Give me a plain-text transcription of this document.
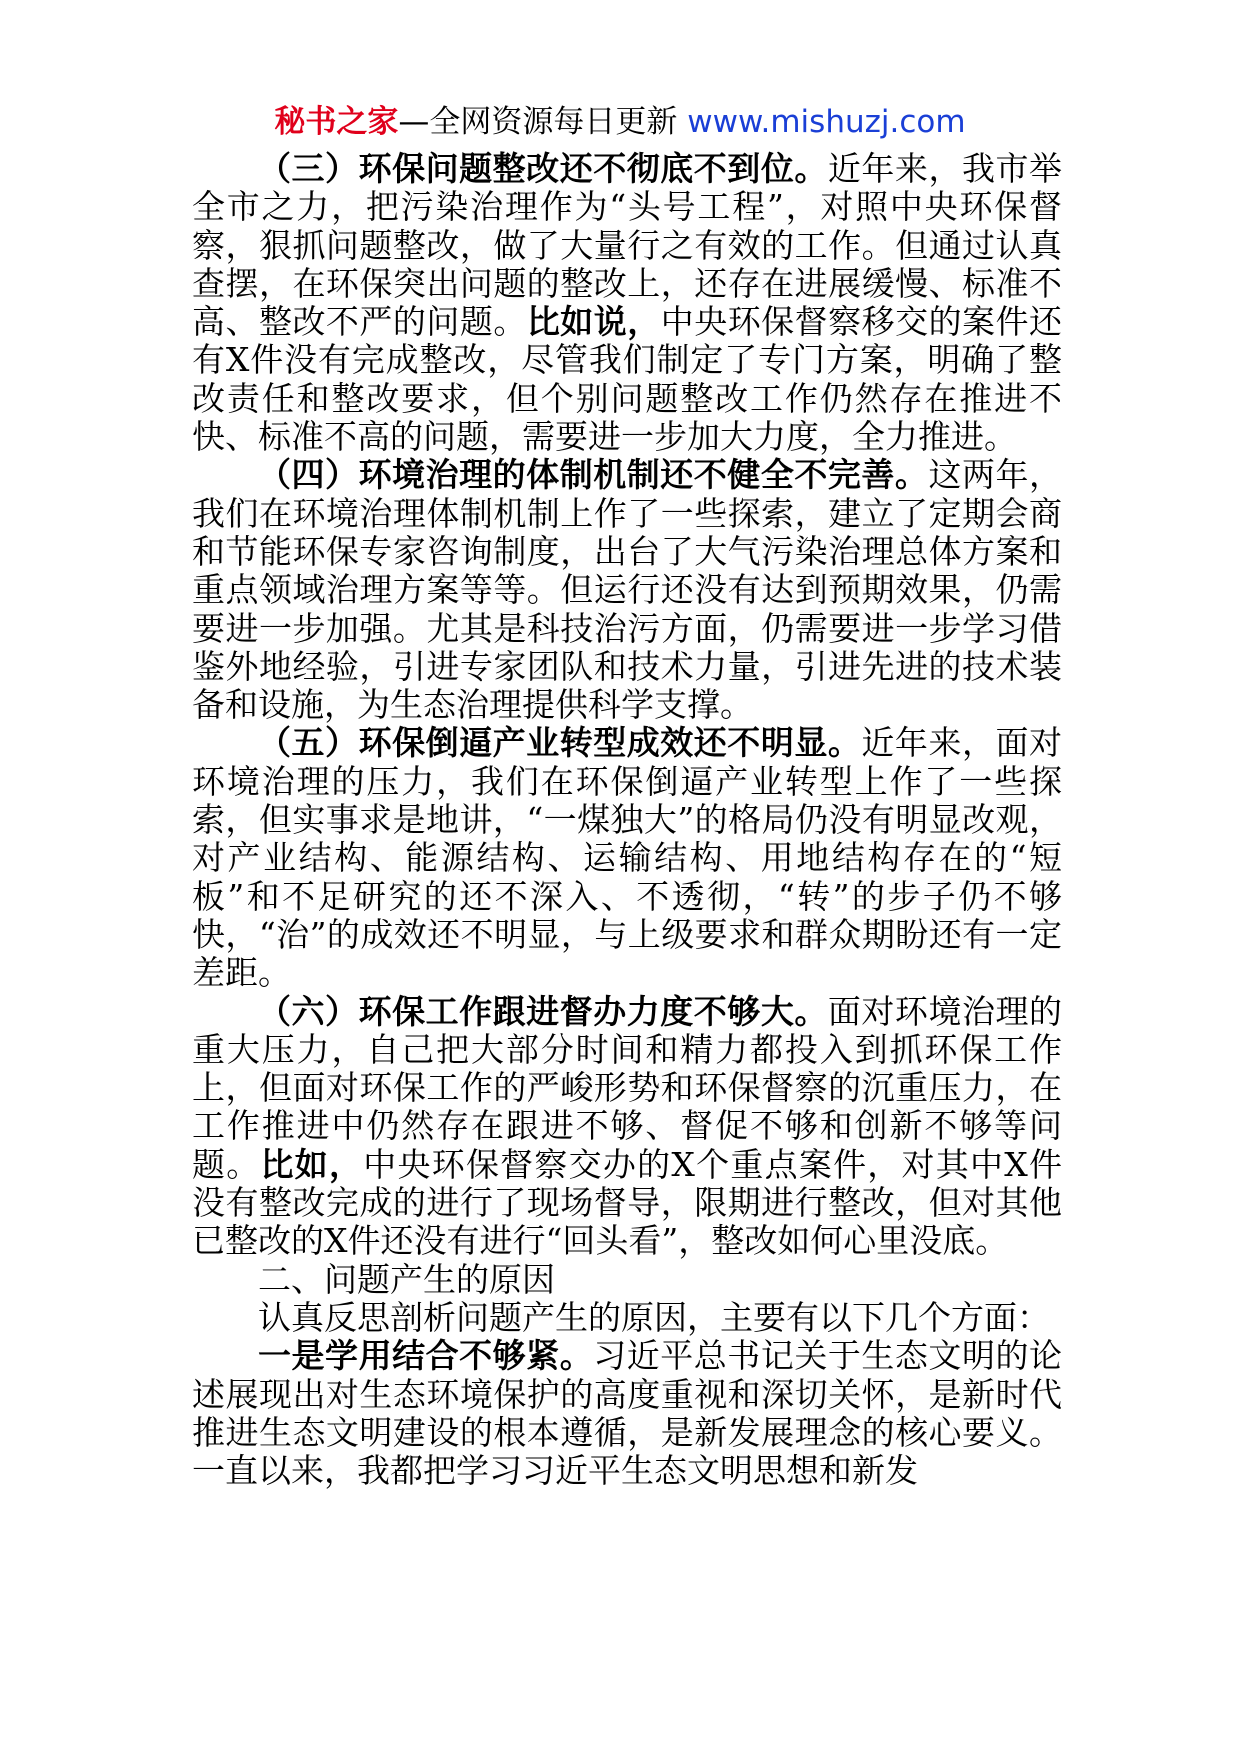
秘书之家—全网资源每日更新 www.mishuzj.com

（三）环保问题整改还不彻底不到位。近年来，我市举全市之力，把污染治理作为“头号工程”，对照中央环保督察，狠抓问题整改，做了大量行之有效的工作。但通过认真查摆，在环保突出问题的整改上，还存在进展缓慢、标准不高、整改不严的问题。比如说，中央环保督察移交的案件还有X件没有完成整改，尽管我们制定了专门方案，明确了整改责任和整改要求，但个别问题整改工作仍然存在推进不快、标准不高的问题，需要进一步加大力度，全力推进。

（四）环境治理的体制机制还不健全不完善。这两年，我们在环境治理体制机制上作了一些探索，建立了定期会商和节能环保专家咨询制度，出台了大气污染治理总体方案和重点领域治理方案等等。但运行还没有达到预期效果，仍需要进一步加强。尤其是科技治污方面，仍需要进一步学习借鉴外地经验，引进专家团队和技术力量，引进先进的技术装备和设施，为生态治理提供科学支撑。

（五）环保倒逼产业转型成效还不明显。近年来，面对环境治理的压力，我们在环保倒逼产业转型上作了一些探索，但实事求是地讲，“一煤独大”的格局仍没有明显改观，对产业结构、能源结构、运输结构、用地结构存在的“短板”和不足研究的还不深入、不透彻，“转”的步子仍不够快，“治”的成效还不明显，与上级要求和群众期盼还有一定差距。

（六）环保工作跟进督办力度不够大。面对环境治理的重大压力，自己把大部分时间和精力都投入到抓环保工作上，但面对环保工作的严峻形势和环保督察的沉重压力，在工作推进中仍然存在跟进不够、督促不够和创新不够等问题。比如，中央环保督察交办的X个重点案件，对其中X件没有整改完成的进行了现场督导，限期进行整改，但对其他已整改的X件还没有进行“回头看”，整改如何心里没底。

二、问题产生的原因

认真反思剖析问题产生的原因，主要有以下几个方面：

一是学用结合不够紧。习近平总书记关于生态文明的论述展现出对生态环境保护的高度重视和深切关怀，是新时代推进生态文明建设的根本遵循，是新发展理念的核心要义。一直以来，我都把学习习近平生态文明思想和新发
